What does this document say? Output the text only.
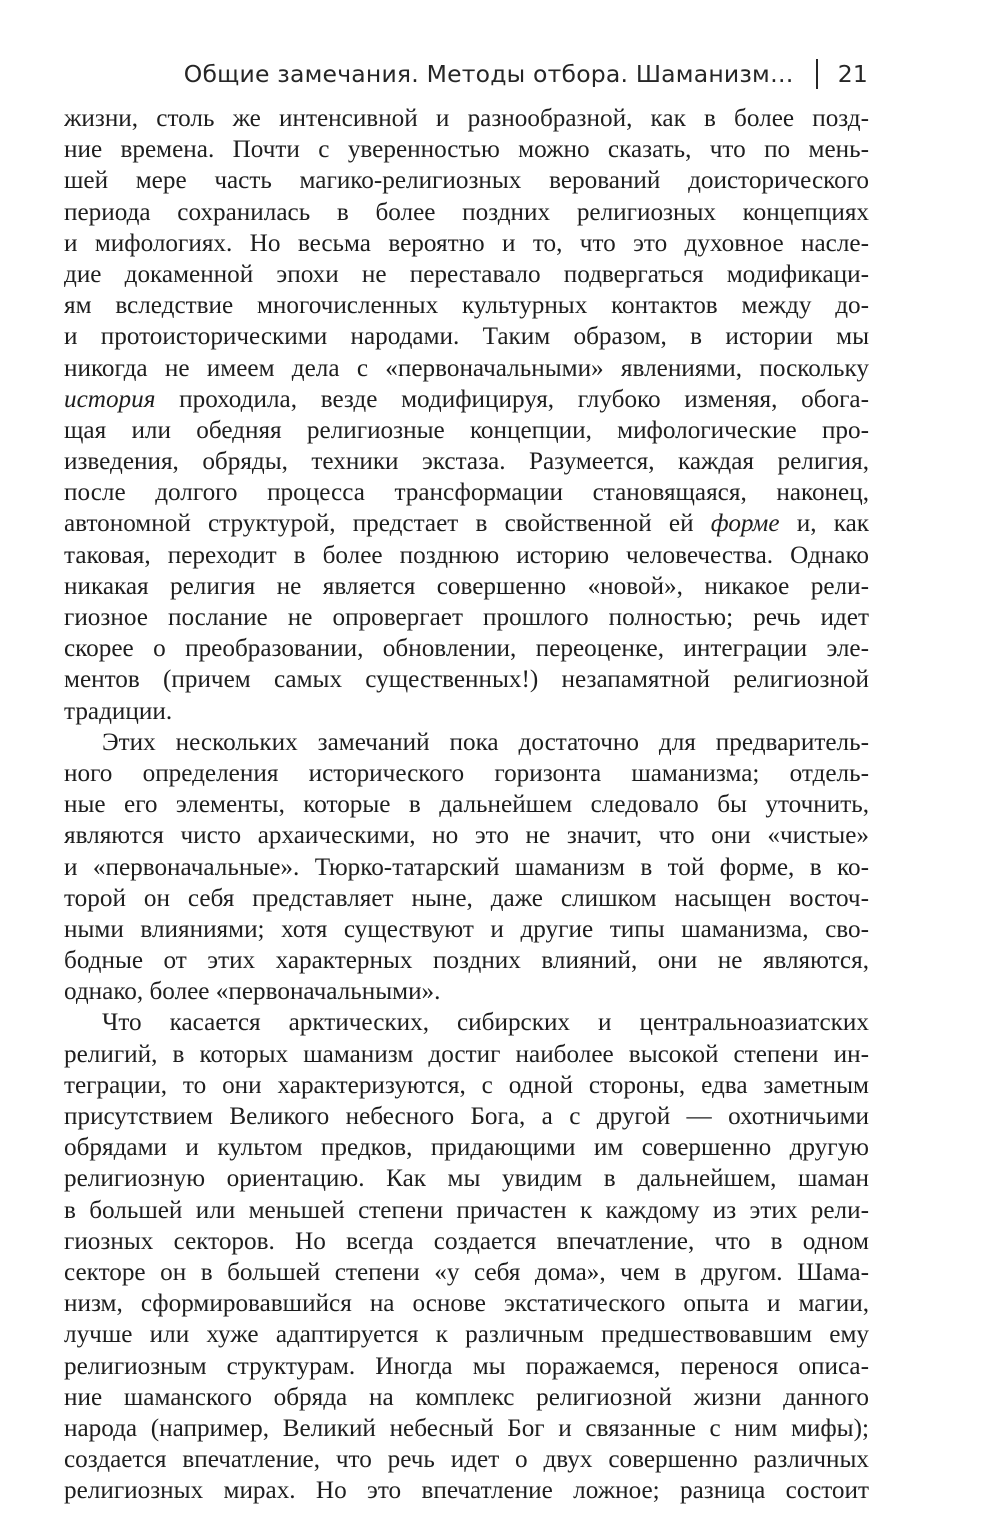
Общие замечания. Методы отбора. Шаманизм… 21
жизни, столь же интенсивной и разнообразной, как в более позд-
ние времена. Почти с уверенностью можно сказать, что по мень-
шей мере часть магико-религиозных верований доисторического
периода сохранилась в более поздних религиозных концепциях
и мифологиях. Но весьма вероятно и то, что это духовное насле-
дие докаменной эпохи не переставало подвергаться модификаци-
ям вследствие многочисленных культурных контактов между до-
и протоисторическими народами. Таким образом, в истории мы
никогда не имеем дела с «первоначальными» явлениями, поскольку
история проходила, везде модифицируя, глубоко изменяя, обога-
щая или обедняя религиозные концепции, мифологические про-
изведения, обряды, техники экстаза. Разумеется, каждая религия,
после долгого процесса трансформации становящаяся, наконец,
автономной структурой, предстает в свойственной ей форме и, как
таковая, переходит в более позднюю историю человечества. Однако
никакая религия не является совершенно «новой», никакое рели-
гиозное послание не опровергает прошлого полностью; речь идет
скорее о преобразовании, обновлении, переоценке, интеграции эле-
ментов (причем самых существенных!) незапамятной религиозной
традиции.
Этих нескольких замечаний пока достаточно для предваритель-
ного определения исторического горизонта шаманизма; отдель-
ные его элементы, которые в дальнейшем следовало бы уточнить,
являются чисто архаическими, но это не значит, что они «чистые»
и «первоначальные». Тюрко-татарский шаманизм в той форме, в ко-
торой он себя представляет ныне, даже слишком насыщен восточ-
ными влияниями; хотя существуют и другие типы шаманизма, сво-
бодные от этих характерных поздних влияний, они не являются,
однако, более «первоначальными».
Что касается арктических, сибирских и центральноазиатских
религий, в которых шаманизм достиг наиболее высокой степени ин-
теграции, то они характеризуются, с одной стороны, едва заметным
присутствием Великого небесного Бога, а с другой — охотничьими
обрядами и культом предков, придающими им совершенно другую
религиозную ориентацию. Как мы увидим в дальнейшем, шаман
в большей или меньшей степени причастен к каждому из этих рели-
гиозных секторов. Но всегда создается впечатление, что в одном
секторе он в большей степени «у себя дома», чем в другом. Шама-
низм, сформировавшийся на основе экстатического опыта и магии,
лучше или хуже адаптируется к различным предшествовавшим ему
религиозным структурам. Иногда мы поражаемся, перенося описа-
ние шаманского обряда на комплекс религиозной жизни данного
народа (например, Великий небесный Бог и связанные с ним мифы);
создается впечатление, что речь идет о двух совершенно различных
религиозных мирах. Но это впечатление ложное; разница состоит
